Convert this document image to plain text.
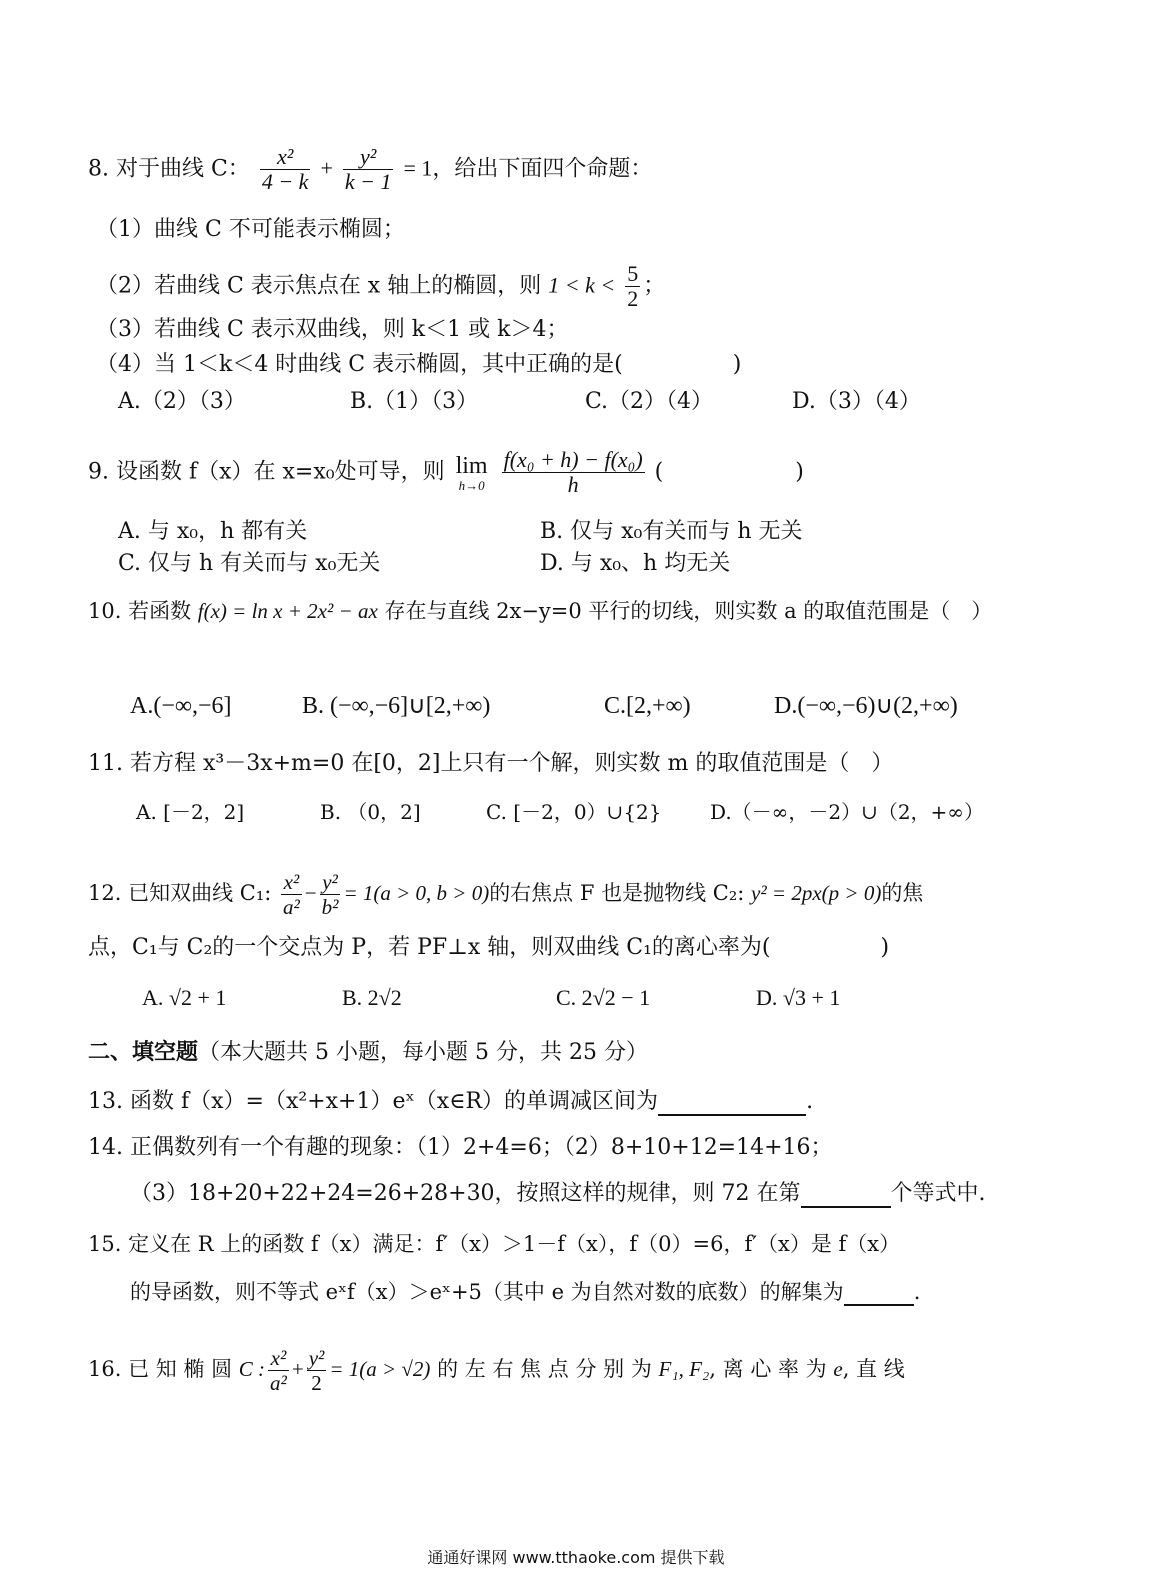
8. 对于曲线 C： $\frac{\text{x²}}{4 - k} + \frac{\text{y²}}{k - 1} = 1$，给出下面四个命题：
（1）曲线 C 不可能表示椭圆；
（2）若曲线 C 表示焦点在 x 轴上的椭圆，则 $1 < k < \frac{5}{2}$ ；
（3）若曲线 C 表示双曲线，则 k＜1 或 k＞4；
（4）当 1＜k＜4 时曲线 C 表示椭圆，其中正确的是(　　　　　)
A.（2）（3）	B.（1）（3）	C.（2）（4）	D.（3）（4）
9. 设函数 f（x）在 x=x₀处可导，则 lim
h→0
$\frac{\text{f(x₀ + h) − f(x₀)}}{h}$ (　　　　　　)
A. 与 x₀，h 都有关	B. 仅与 x₀有关而与 h 无关
C. 仅与 h 有关而与 x₀无关	D. 与 x₀、h 均无关
10. 若函数 f(x) = ln x + 2x² − ax 存在与直线 2x−y=0 平行的切线，则实数 a 的取值范围是（　）
A.(−∞,−6]	B. (−∞,−6]∪[2,+∞)	C.[2,+∞)	D.(−∞,−6)∪(2,+∞)
11. 若方程 x³－3x+m=0 在[0，2]上只有一个解，则实数 m 的取值范围是（　）
A. [－2，2]	B. （0，2]	C. [－2，0）∪{2} D.（－∞，－2）∪（2，+∞）
12. 已知双曲线 C₁: $\frac{\text{x²}}{\text{a²}} - \frac{\text{y²}}{\text{b²}} = 1(a > 0$, b > 0)的右焦点 F 也是抛物线 C₂: y² = 2px(p > 0)的焦
点，C₁与 C₂的一个交点为 P，若 PF⊥x 轴，则双曲线 C₁的离心率为(　　　　　)
A. √2 + 1	B. 2√2	C. 2√2 − 1	D. √3 + 1
二、填空题（本大题共 5 小题，每小题 5 分，共 25 分）
13. 函数 f（x）=（x²+x+1）eˣ（x∈R）的单调减区间为	.
14. 正偶数列有一个有趣的现象：（1）2+4=6；（2）8+10+12=14+16；
（3）18+20+22+24=26+28+30，按照这样的规律，则 72 在第	个等式中.
15. 定义在 R 上的函数 f（x）满足：f′（x）＞1－f（x），f（0）=6，f′（x）是 f（x）
的导函数，则不等式 eˣf（x）＞eˣ+5（其中 e 为自然对数的底数）的解集为	.
16. 已 知 椭 圆 C : $\frac{\text{x²}}{\text{a²}} + \frac{\text{y²}}{2} = 1(a > √2)$ 的 左 右 焦 点 分 别 为 F₁, F₂, 离 心 率 为 e, 直 线
通通好课网 www.tthaoke.com 提供下载
